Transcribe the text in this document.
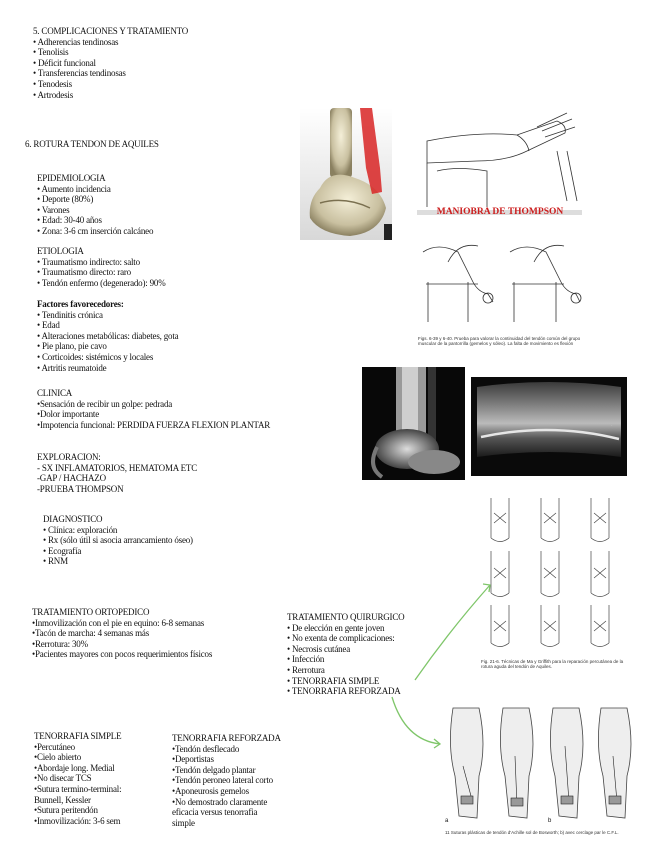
5. COMPLICACIONES Y TRATAMIENTO
• Adherencias tendinosas
• Tenolisis
• Déficit funcional
• Transferencias tendinosas
• Tenodesis
• Artrodesis
6. ROTURA TENDON DE AQUILES
EPIDEMIOLOGIA
• Aumento incidencia
• Deporte (80%)
• Varones
• Edad: 30-40 años
• Zona: 3-6 cm inserción calcáneo
ETIOLOGIA
• Traumatismo indirecto: salto
• Traumatismo directo: raro
• Tendón enfermo (degenerado): 90%
Factores favorecedores:
• Tendinitis crónica
• Edad
• Alteraciones metabólicas: diabetes, gota
• Pie plano, pie cavo
• Corticoides: sistémicos y locales
• Artritis reumatoide
CLINICA
•Sensación de recibir un golpe: pedrada
•Dolor importante
•Impotencia funcional: PERDIDA FUERZA FLEXION PLANTAR
EXPLORACION:
- SX INFLAMATORIOS, HEMATOMA ETC
-GAP / HACHAZO
-PRUEBA THOMPSON
DIAGNOSTICO
• Clínica: exploración
• Rx (sólo útil si asocia arrancamiento óseo)
• Ecografía
• RNM
TRATAMIENTO ORTOPEDICO
•Inmovilización con el pie en equino: 6-8 semanas
•Tacón de marcha: 4 semanas más
•Rerrotura: 30%
•Pacientes mayores con pocos requerimientos físicos
TRATAMIENTO QUIRURGICO
• De elección en gente joven
• No exenta de complicaciones:
• Necrosis cutánea
• Infección
• Rerrotura
• TENORRAFIA SIMPLE
• TENORRAFIA REFORZADA
TENORRAFIA SIMPLE
•Percutáneo
•Cielo abierto
•Abordaje long. Medial
•No disecar TCS
•Sutura termino-terminal:
Bunnell, Kessler
•Sutura peritendón
•Inmovilización: 3-6 sem
TENORRAFIA REFORZADA
•Tendón desflecado
•Deportistas
•Tendón delgado plantar
•Tendón peroneo lateral corto
•Aponeurosis gemelos
•No demostrado claramente
eficacia versus tenorrafia
simple
MANIOBRA DE THOMPSON
Figs. 6-39 y 6-40. Prueba para valorar la continuidad del tendón común del grupo muscular de la pantorrilla (gemelos y sóleo). La falta de movimiento es flexión
·
Fig. 21-6. Técnicas de Ma y Griffith para la reparación percutánea de la rotura aguda del tendón de Aquiles.
a	b
11 Suturas plásticas de tendón d'Achille sol de Bosworth; b) avec cerclage par le C.F.L.
